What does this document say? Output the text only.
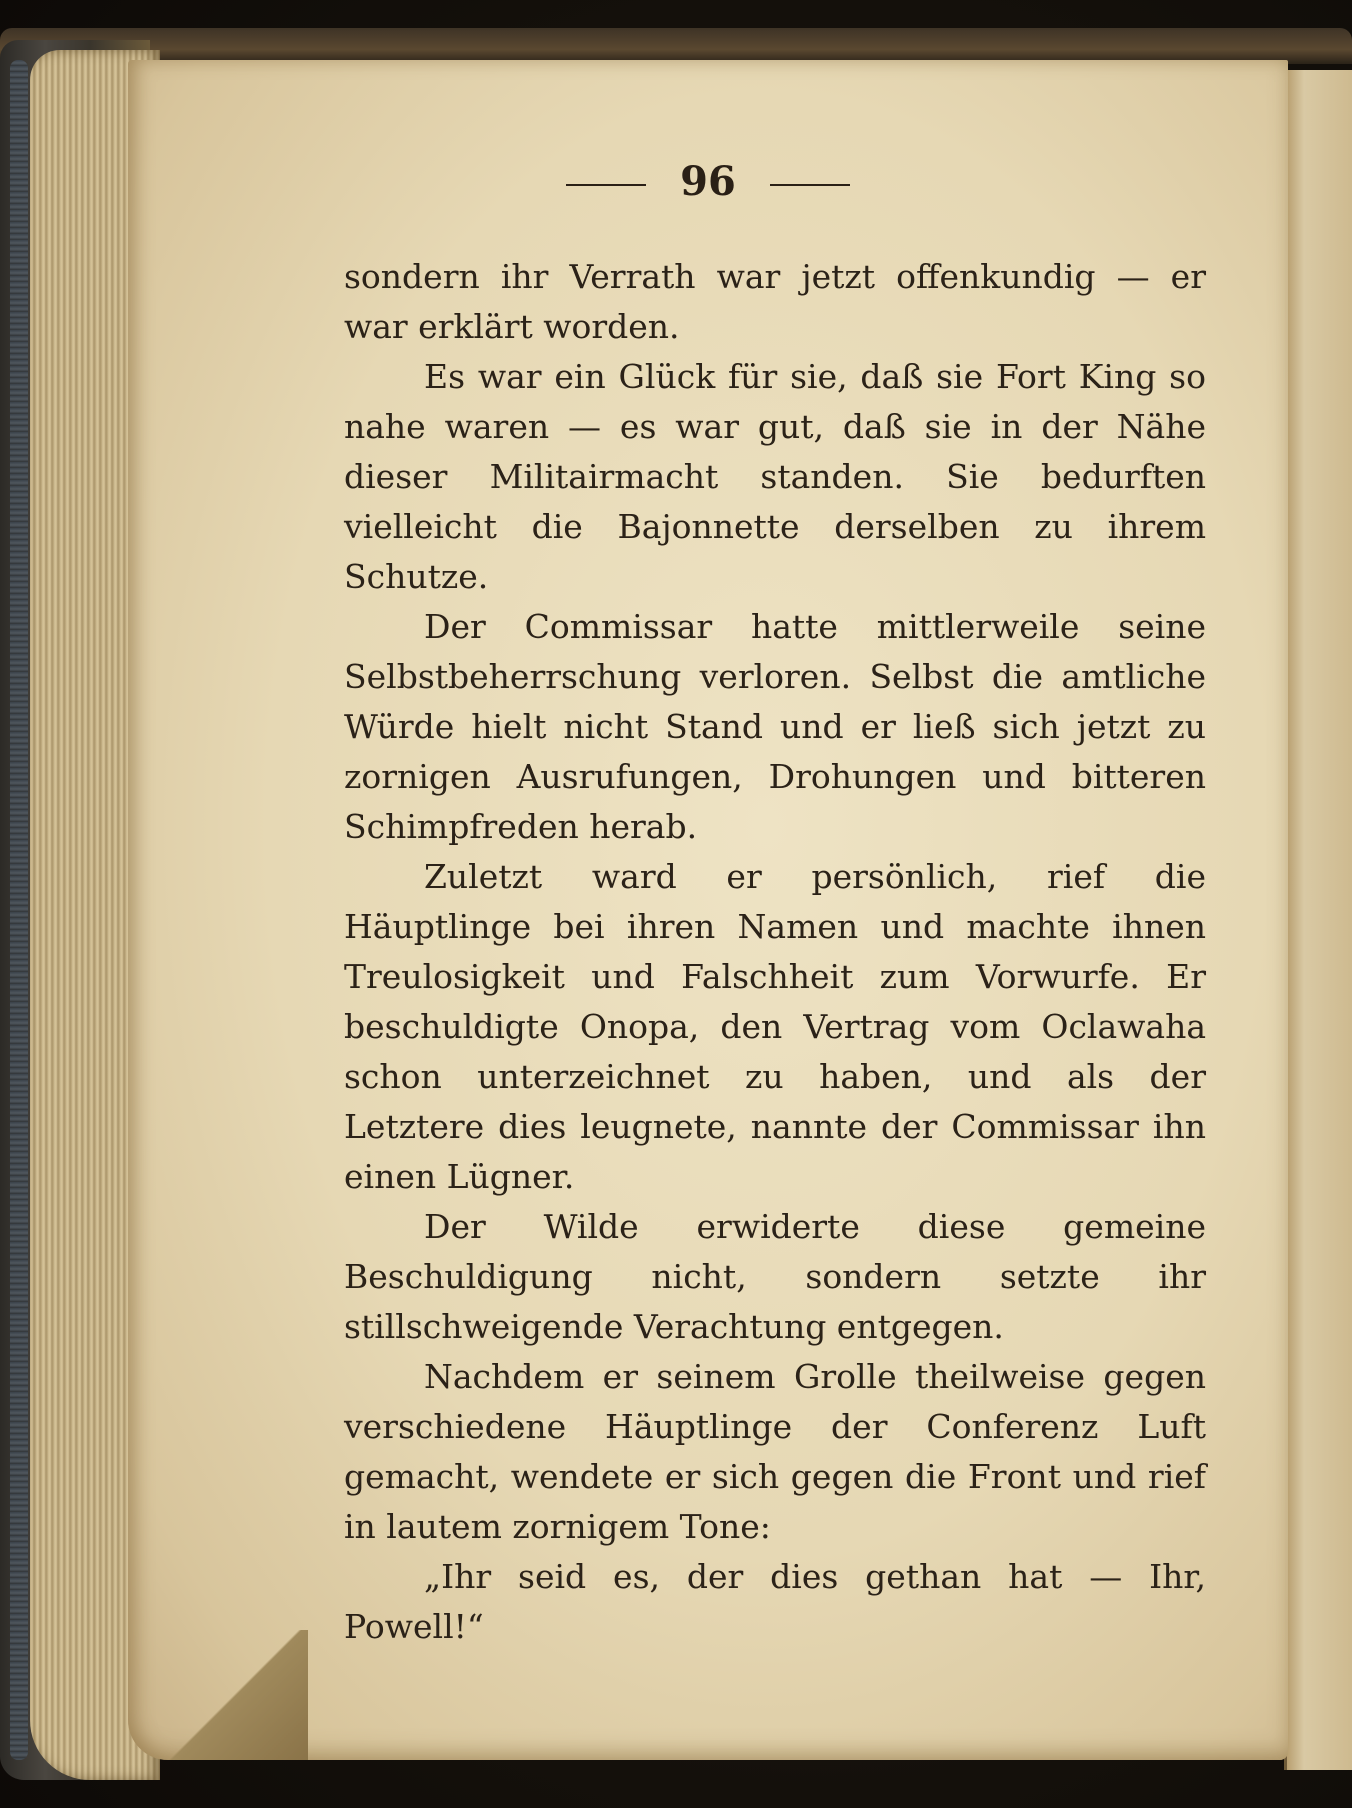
96

sondern ihr Verrath war jetzt offenkundig — er war erklärt worden.

Es war ein Glück für sie, daß sie Fort King so nahe waren — es war gut, daß sie in der Nähe dieser Militairmacht standen. Sie bedurften vielleicht die Bajonnette derselben zu ihrem Schutze.

Der Commissar hatte mittlerweile seine Selbstbeherrschung verloren. Selbst die amtliche Würde hielt nicht Stand und er ließ sich jetzt zu zornigen Ausrufungen, Drohungen und bitteren Schimpfreden herab.

Zuletzt ward er persönlich, rief die Häuptlinge bei ihren Namen und machte ihnen Treulosigkeit und Falschheit zum Vorwurfe. Er beschuldigte Onopa, den Vertrag vom Oclawaha schon unterzeichnet zu haben, und als der Letztere dies leugnete, nannte der Commissar ihn einen Lügner.

Der Wilde erwiderte diese gemeine Beschuldigung nicht, sondern setzte ihr stillschweigende Verachtung entgegen.

Nachdem er seinem Grolle theilweise gegen verschiedene Häuptlinge der Conferenz Luft gemacht, wendete er sich gegen die Front und rief in lautem zornigem Tone:

„Ihr seid es, der dies gethan hat — Ihr, Powell!“
